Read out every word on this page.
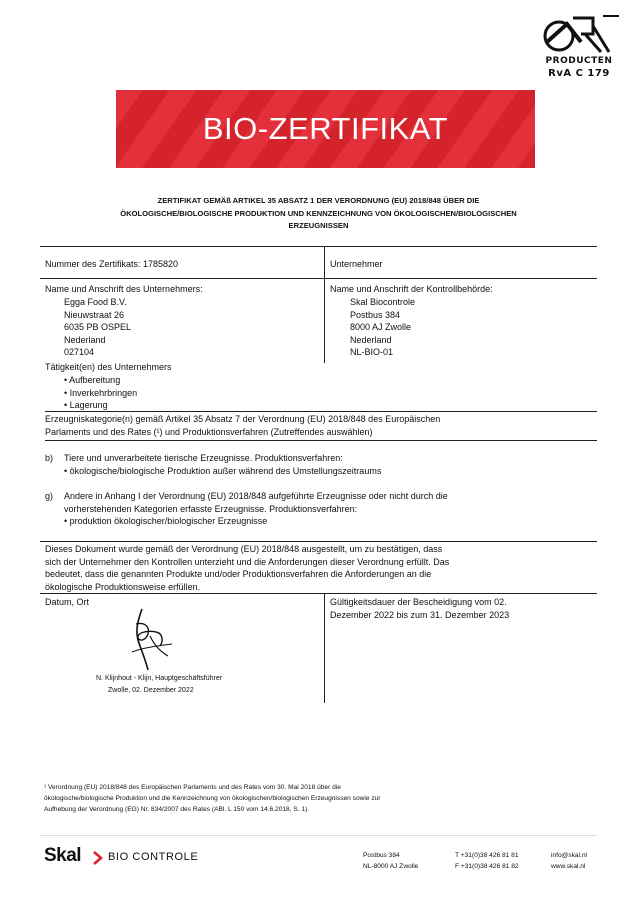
PRODUCTEN
RvA C 179
BIO-ZERTIFIKAT
ZERTIFIKAT GEMÄß ARTIKEL 35 ABSATZ 1 DER VERORDNUNG (EU) 2018/848 ÜBER DIE
ÖKOLOGISCHE/BIOLOGISCHE PRODUKTION UND KENNZEICHNUNG VON ÖKOLOGISCHEN/BIOLOGISCHEN
ERZEUGNISSEN
Nummer des Zertifikats: 1785820	Unternehmer
Name und Anschrift des Unternehmers:
Egga Food B.V.
Nieuwstraat 26
6035 PB OSPEL
Nederland
027104
Name und Anschrift der Kontrollbehörde:
Skal Biocontrole
Postbus 384
8000 AJ Zwolle
Nederland
NL-BIO-01
Tätigkeit(en) des Unternehmers
• Aufbereitung
• Inverkehrbringen
• Lagerung
Erzeugniskategorie(n) gemäß Artikel 35 Absatz 7 der Verordnung (EU) 2018/848 des Europäischen
Parlaments und des Rates (¹) und Produktionsverfahren (Zutreffendes auswählen)
b) Tiere und unverarbeitete tierische Erzeugnisse. Produktionsverfahren:
• ökologische/biologische Produktion außer während des Umstellungszeitraums
g) Andere in Anhang I der Verordnung (EU) 2018/848 aufgeführte Erzeugnisse oder nicht durch die
vorherstehenden Kategorien erfasste Erzeugnisse. Produktionsverfahren:
• produktion ökologischer/biologischer Erzeugnisse
Dieses Dokument wurde gemäß der Verordnung (EU) 2018/848 ausgestellt, um zu bestätigen, dass
sich der Unternehmer den Kontrollen unterzieht und die Anforderungen dieser Verordnung erfüllt. Das
bedeutet, dass die genannten Produkte und/oder Produktionsverfahren die Anforderungen an die
ökologische Produktionsweise erfüllen.
Datum, Ort
N. Klijnhout - Klijn, Hauptgeschäftsführer
Zwolle, 02. Dezember 2022
Gültigkeitsdauer der Bescheidigung vom 02.
Dezember 2022 bis zum 31. Dezember 2023
¹ Verordnung (EU) 2018/848 des Europäischen Parlaments und des Rates vom 30. Mai 2018 über die
ökologische/biologische Produktion und die Kennzeichnung von ökologischen/biologischen Erzeugnissen sowie zur
Aufhebung der Verordnung (EG) Nr. 834/2007 des Rates (ABl. L 150 vom 14.6.2018, S. 1).
Skal BIO CONTROLE	Postbus 384
NL-8000 AJ Zwolle
T +31(0)38 426 81 81
F +31(0)38 426 81 82
info@skal.nl
www.skal.nl
